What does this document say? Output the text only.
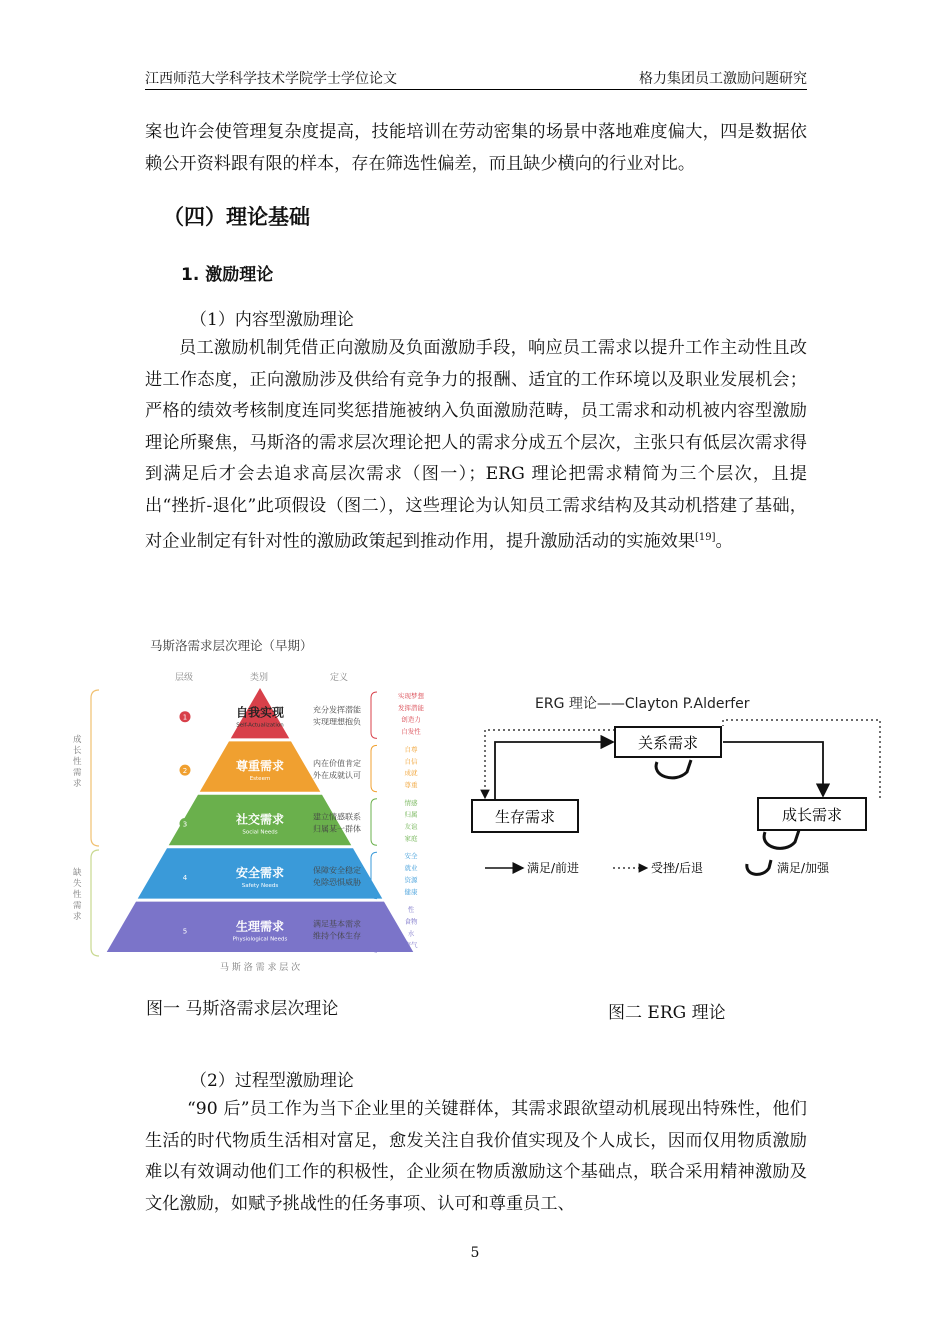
江西师范大学科学技术学院学士学位论文	格力集团员工激励问题研究

案也许会使管理复杂度提高，技能培训在劳动密集的场景中落地难度偏大，四是数据依赖公开资料跟有限的样本，存在筛选性偏差，而且缺少横向的行业对比。

（四）理论基础
1. 激励理论
（1）内容型激励理论

员工激励机制凭借正向激励及负面激励手段，响应员工需求以提升工作主动性且改进工作态度，正向激励涉及供给有竞争力的报酬、适宜的工作环境以及职业发展机会；严格的绩效考核制度连同奖惩措施被纳入负面激励范畴，员工需求和动机被内容型激励理论所聚焦，马斯洛的需求层次理论把人的需求分成五个层次，主张只有低层次需求得到满足后才会去追求高层次需求（图一）；ERG 理论把需求精简为三个层次，且提出“挫折-退化”此项假设（图二），这些理论为认知员工需求结构及其动机搭建了基础，对企业制定有针对性的激励政策起到推动作用，提升激励活动的实施效果[19]。

马斯洛需求层次理论（早期）
层级	类别	定义
1	自我实现
Self-Actualization
充分发挥潜能
实现理想抱负
实现梦想
发挥潜能
创造力
自发性
2	尊重需求
Esteem
内在价值肯定
外在成就认可
自尊
自信
成就
尊重
3	社交需求
Social Needs
建立情感联系
归属某一群体
情感
归属
友谊
家庭
4	安全需求
Safety Needs
保障安全稳定
免除恐惧威胁
安全
就业
资源
健康
5	生理需求
Physiological Needs
满足基本需求
维持个体生存
性
食物
水
空气
成长性需求
缺失性需求
马 斯 洛 需 求 层 次
ERG 理论——Clayton P.Alderfer
关系需求
生存需求	成长需求
满足/前进	受挫/后退	满足/加强
图一 马斯洛需求层次理论	图二 ERG 理论
（2）过程型激励理论

“90 后”员工作为当下企业里的关键群体，其需求跟欲望动机展现出特殊性，他们生活的时代物质生活相对富足，愈发关注自我价值实现及个人成长，因而仅用物质激励难以有效调动他们工作的积极性，企业须在物质激励这个基础点，联合采用精神激励及文化激励，如赋予挑战性的任务事项、认可和尊重员工、

5
